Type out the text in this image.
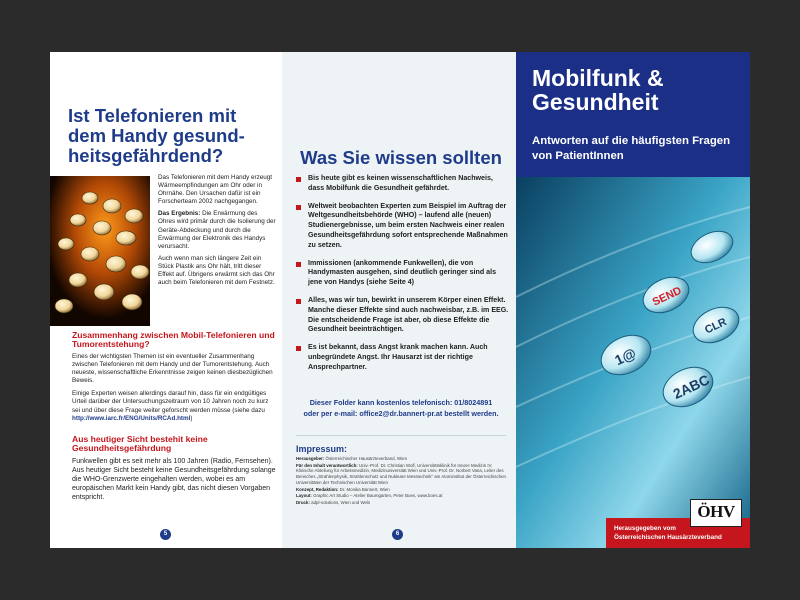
Ist Telefonieren mit dem Handy gesund-heitsgefährdend?

Das Telefonieren mit dem Handy erzeugt Wärmeempfindungen am Ohr oder in Ohrnähe. Den Ursachen dafür ist ein Forscherteam 2002 nachgegangen.

Das Ergebnis: Die Erwärmung des Ohres wird primär durch die Isolierung der Geräte-Abdeckung und durch die Erwärmung der Elektronik des Handys verursacht.

Auch wenn man sich längere Zeit ein Stück Plastik ans Ohr hält, tritt dieser Effekt auf. Übrigens erwärmt sich das Ohr auch beim Telefonieren mit dem Festnetz.

Zusammenhang zwischen Mobil-Telefonieren und Tumorentstehung?

Eines der wichtigsten Themen ist ein eventueller Zusammenhang zwischen Telefonieren mit dem Handy und der Tumorentstehung. Auch neueste, wissenschaftliche Erkenntnisse zeigen keinen diesbezüglichen Beweis.

Einige Experten weisen allerdings darauf hin, dass für ein endgültiges Urteil darüber der Untersuchungszeitraum von 10 Jahren noch zu kurz sei und über diese Frage weiter geforscht werden müsse (siehe dazu http://www.iarc.fr/ENG/Units/RCAd.html)

Aus heutiger Sicht bestehit keine Gesundheitsgefährdung

Funkwellen gibt es seit mehr als 100 Jahren (Radio, Fernsehen). Aus heutiger Sicht besteht keine Gesundheitsgefährdung solange die WHO-Grenzwerte eingehalten werden, wobei es am europäischen Markt kein Handy gibt, das nicht diesen Vorgaben entspricht.

5
Was Sie wissen sollten
Bis heute gibt es keinen wissenschaftlichen Nachweis, dass Mobilfunk die Gesundheit gefährdet.
Weltweit beobachten Experten zum Beispiel im Auftrag der Weltgesundheitsbehörde (WHO) – laufend alle (neuen) Studienergebnisse, um beim ersten Nachweis einer realen Gesundheitsgefährdung sofort entsprechende Maßnahmen zu setzen.
Immissionen (ankommende Funkwellen), die von Handymasten ausgehen, sind deutlich geringer sind als jene von Handys (siehe Seite 4)
Alles, was wir tun, bewirkt in unserem Körper einen Effekt. Manche dieser Effekte sind auch nachweisbar, z.B. im EEG. Die entscheidende Frage ist aber, ob diese Effekte die Gesundheit beeinträchtigen.
Es ist bekannt, dass Angst krank machen kann. Auch unbegründete Angst. Ihr Hausarzt ist der richtige Ansprechpartner.
Dieser Folder kann kostenlos telefonisch: 01/8024891
oder per e-mail: office2@dr.bannert-pr.at bestellt werden.
Impressum:

Herausgeber: Österreichischer Hausärzteverband, Wien

Für den Inhalt verantwortlich: Univ.-Prof. Dr. Christian Wolf, Universitätsklinik für Innere Medizin IV, Klinische Abteilung für Arbeitsmedizin, Medizinuniversität Wien und Univ.-Prof. Dr. Norbert Vana, Leiter des Bereiches „Strahlenphysik, Strahlenschutz und Nukleare Messtechnik" am Atominstitut der Österreichischen Universitäten der Technischen Universität Wien

Konzept, Redaktion: Dr. Monika Bannert, Wien

Layout: Graphic Art Studio – Atelier Baumgarten, Peter Boes, www.boes.at

Druck: adpl-solutions, Wien und Wels

6
Mobilfunk & Gesundheit
Antworten auf die häufigsten Fragen von PatientInnen
SEND
CLR
1@
2ABC

Herausgegeben vom
Österreichischen Hausärzteverband

ÖHV
